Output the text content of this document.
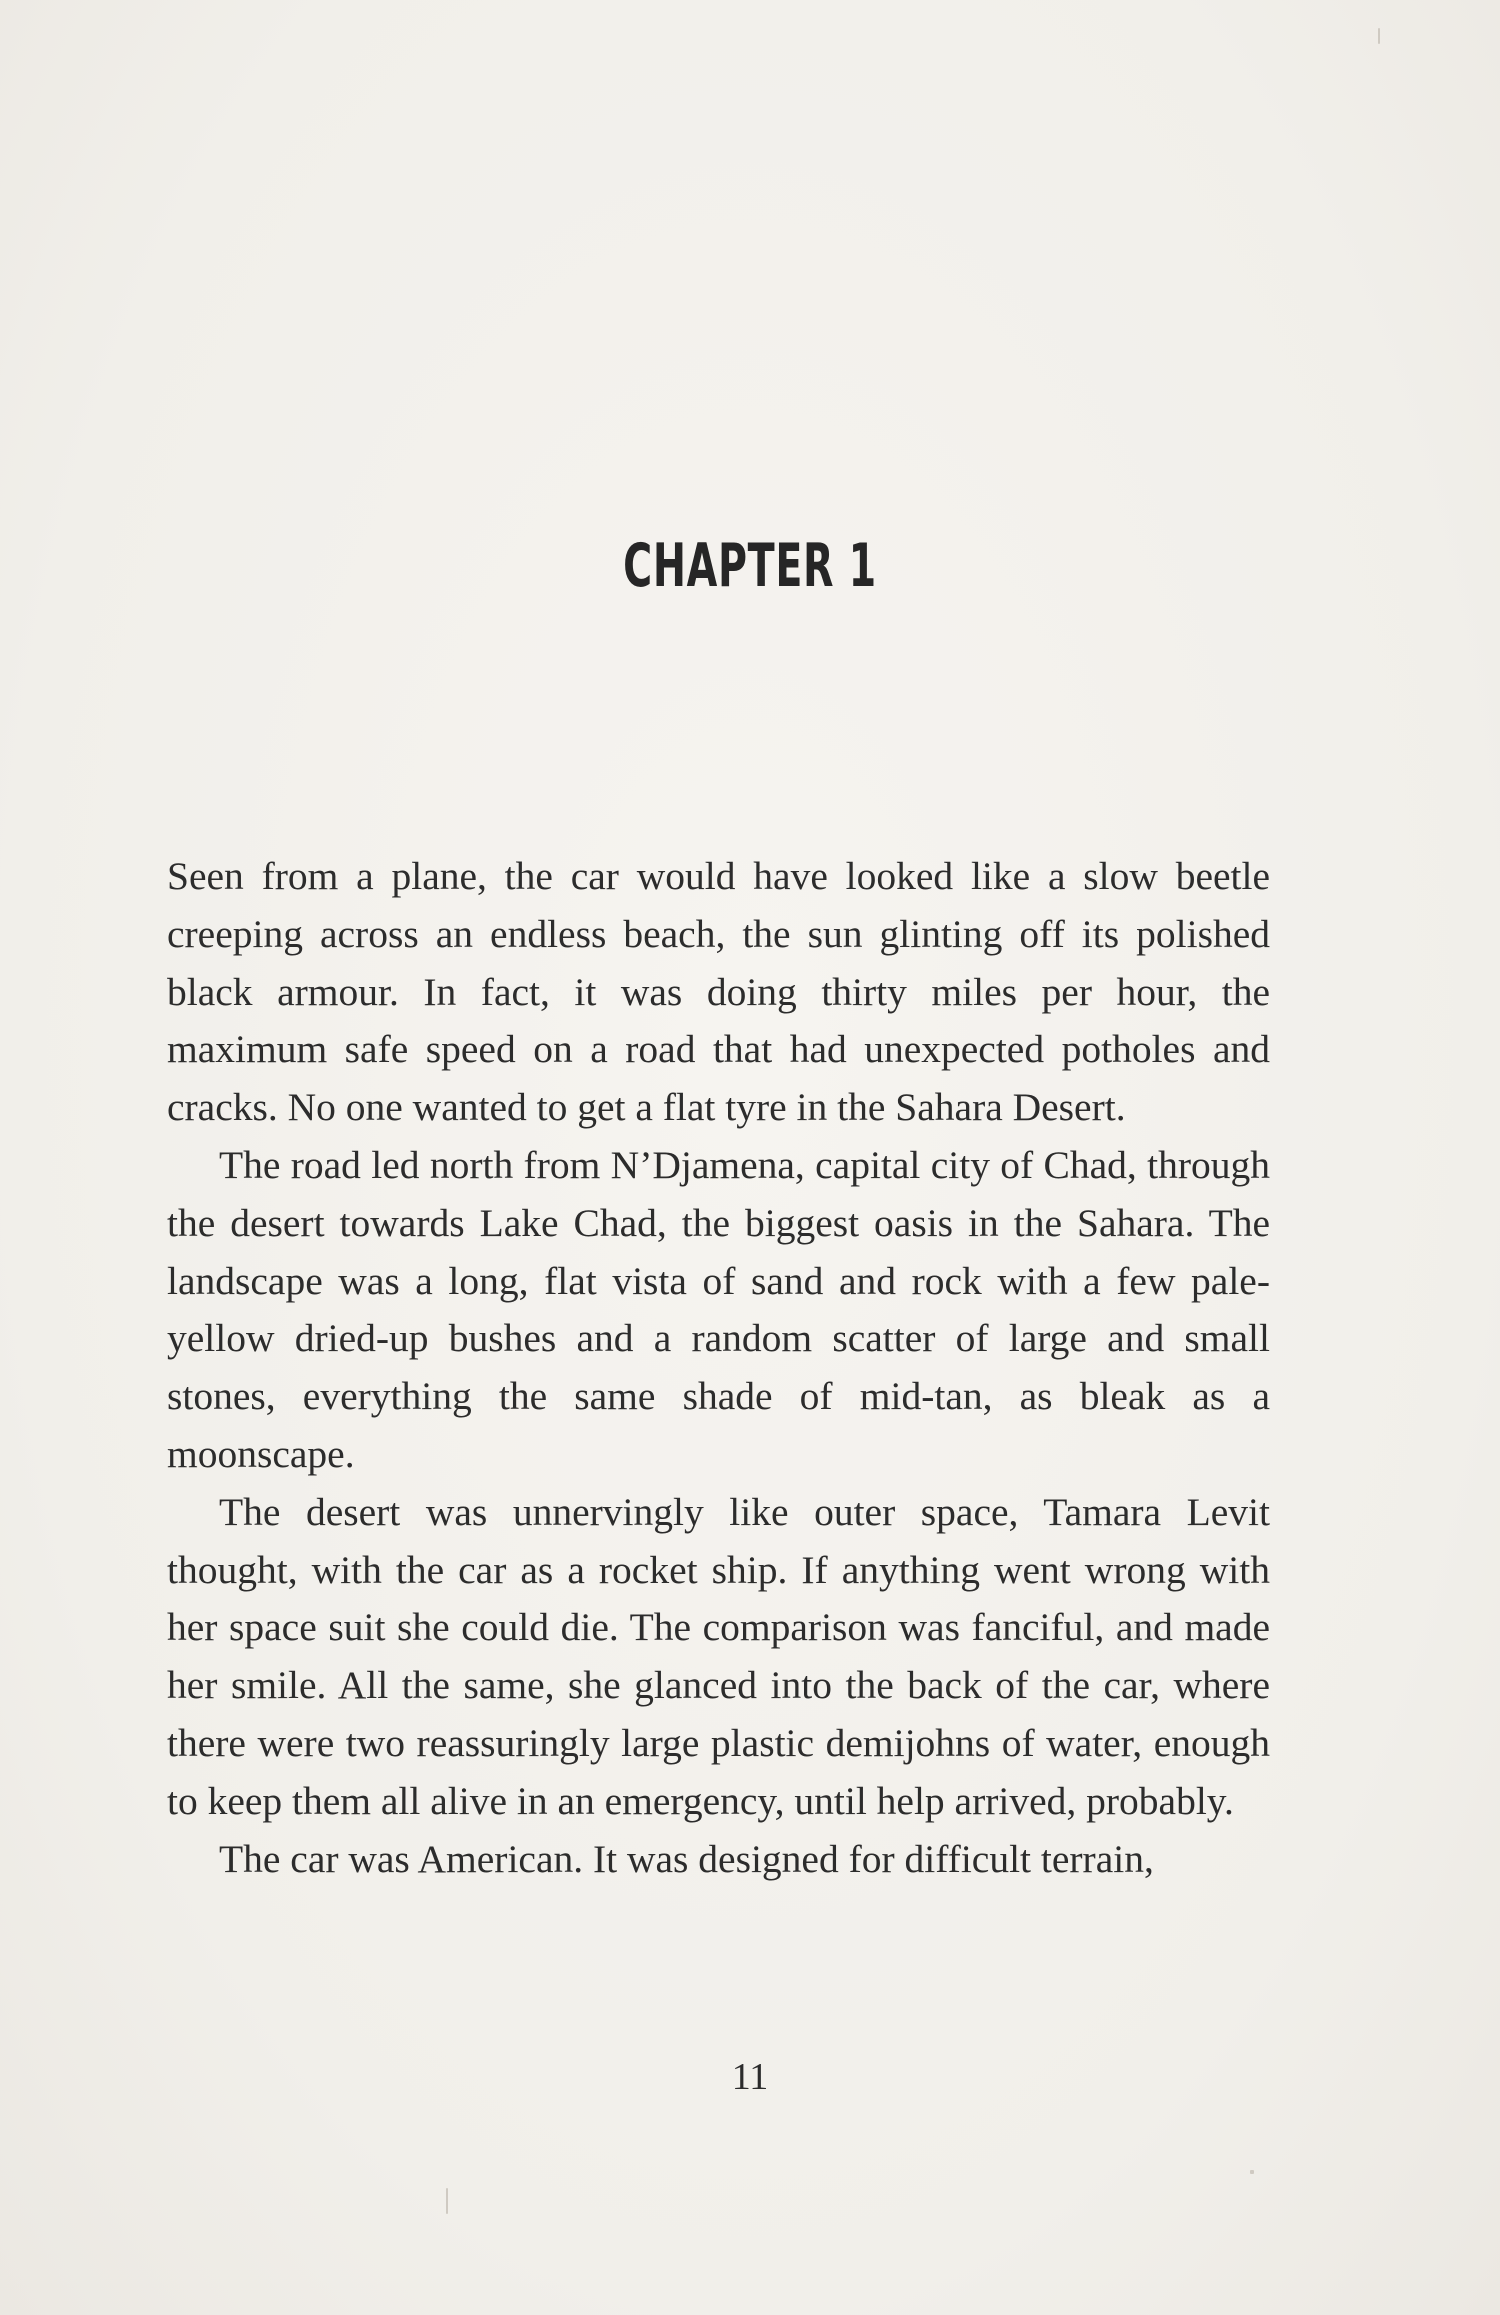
CHAPTER 1

Seen from a plane, the car would have looked like a slow beetle creeping across an endless beach, the sun glinting off its polished black armour. In fact, it was doing thirty miles per hour, the maximum safe speed on a road that had unexpected potholes and cracks. No one wanted to get a flat tyre in the Sahara Desert.

The road led north from N’Djamena, capital city of Chad, through the desert towards Lake Chad, the biggest oasis in the Sahara. The landscape was a long, flat vista of sand and rock with a few pale-yellow dried-up bushes and a random scatter of large and small stones, everything the same shade of mid-tan, as bleak as a moonscape.

The desert was unnervingly like outer space, Tamara Levit thought, with the car as a rocket ship. If anything went wrong with her space suit she could die. The comparison was fanciful, and made her smile. All the same, she glanced into the back of the car, where there were two reassuringly large plastic demijohns of water, enough to keep them all alive in an emergency, until help arrived, probably.

The car was American. It was designed for difficult terrain,

11
